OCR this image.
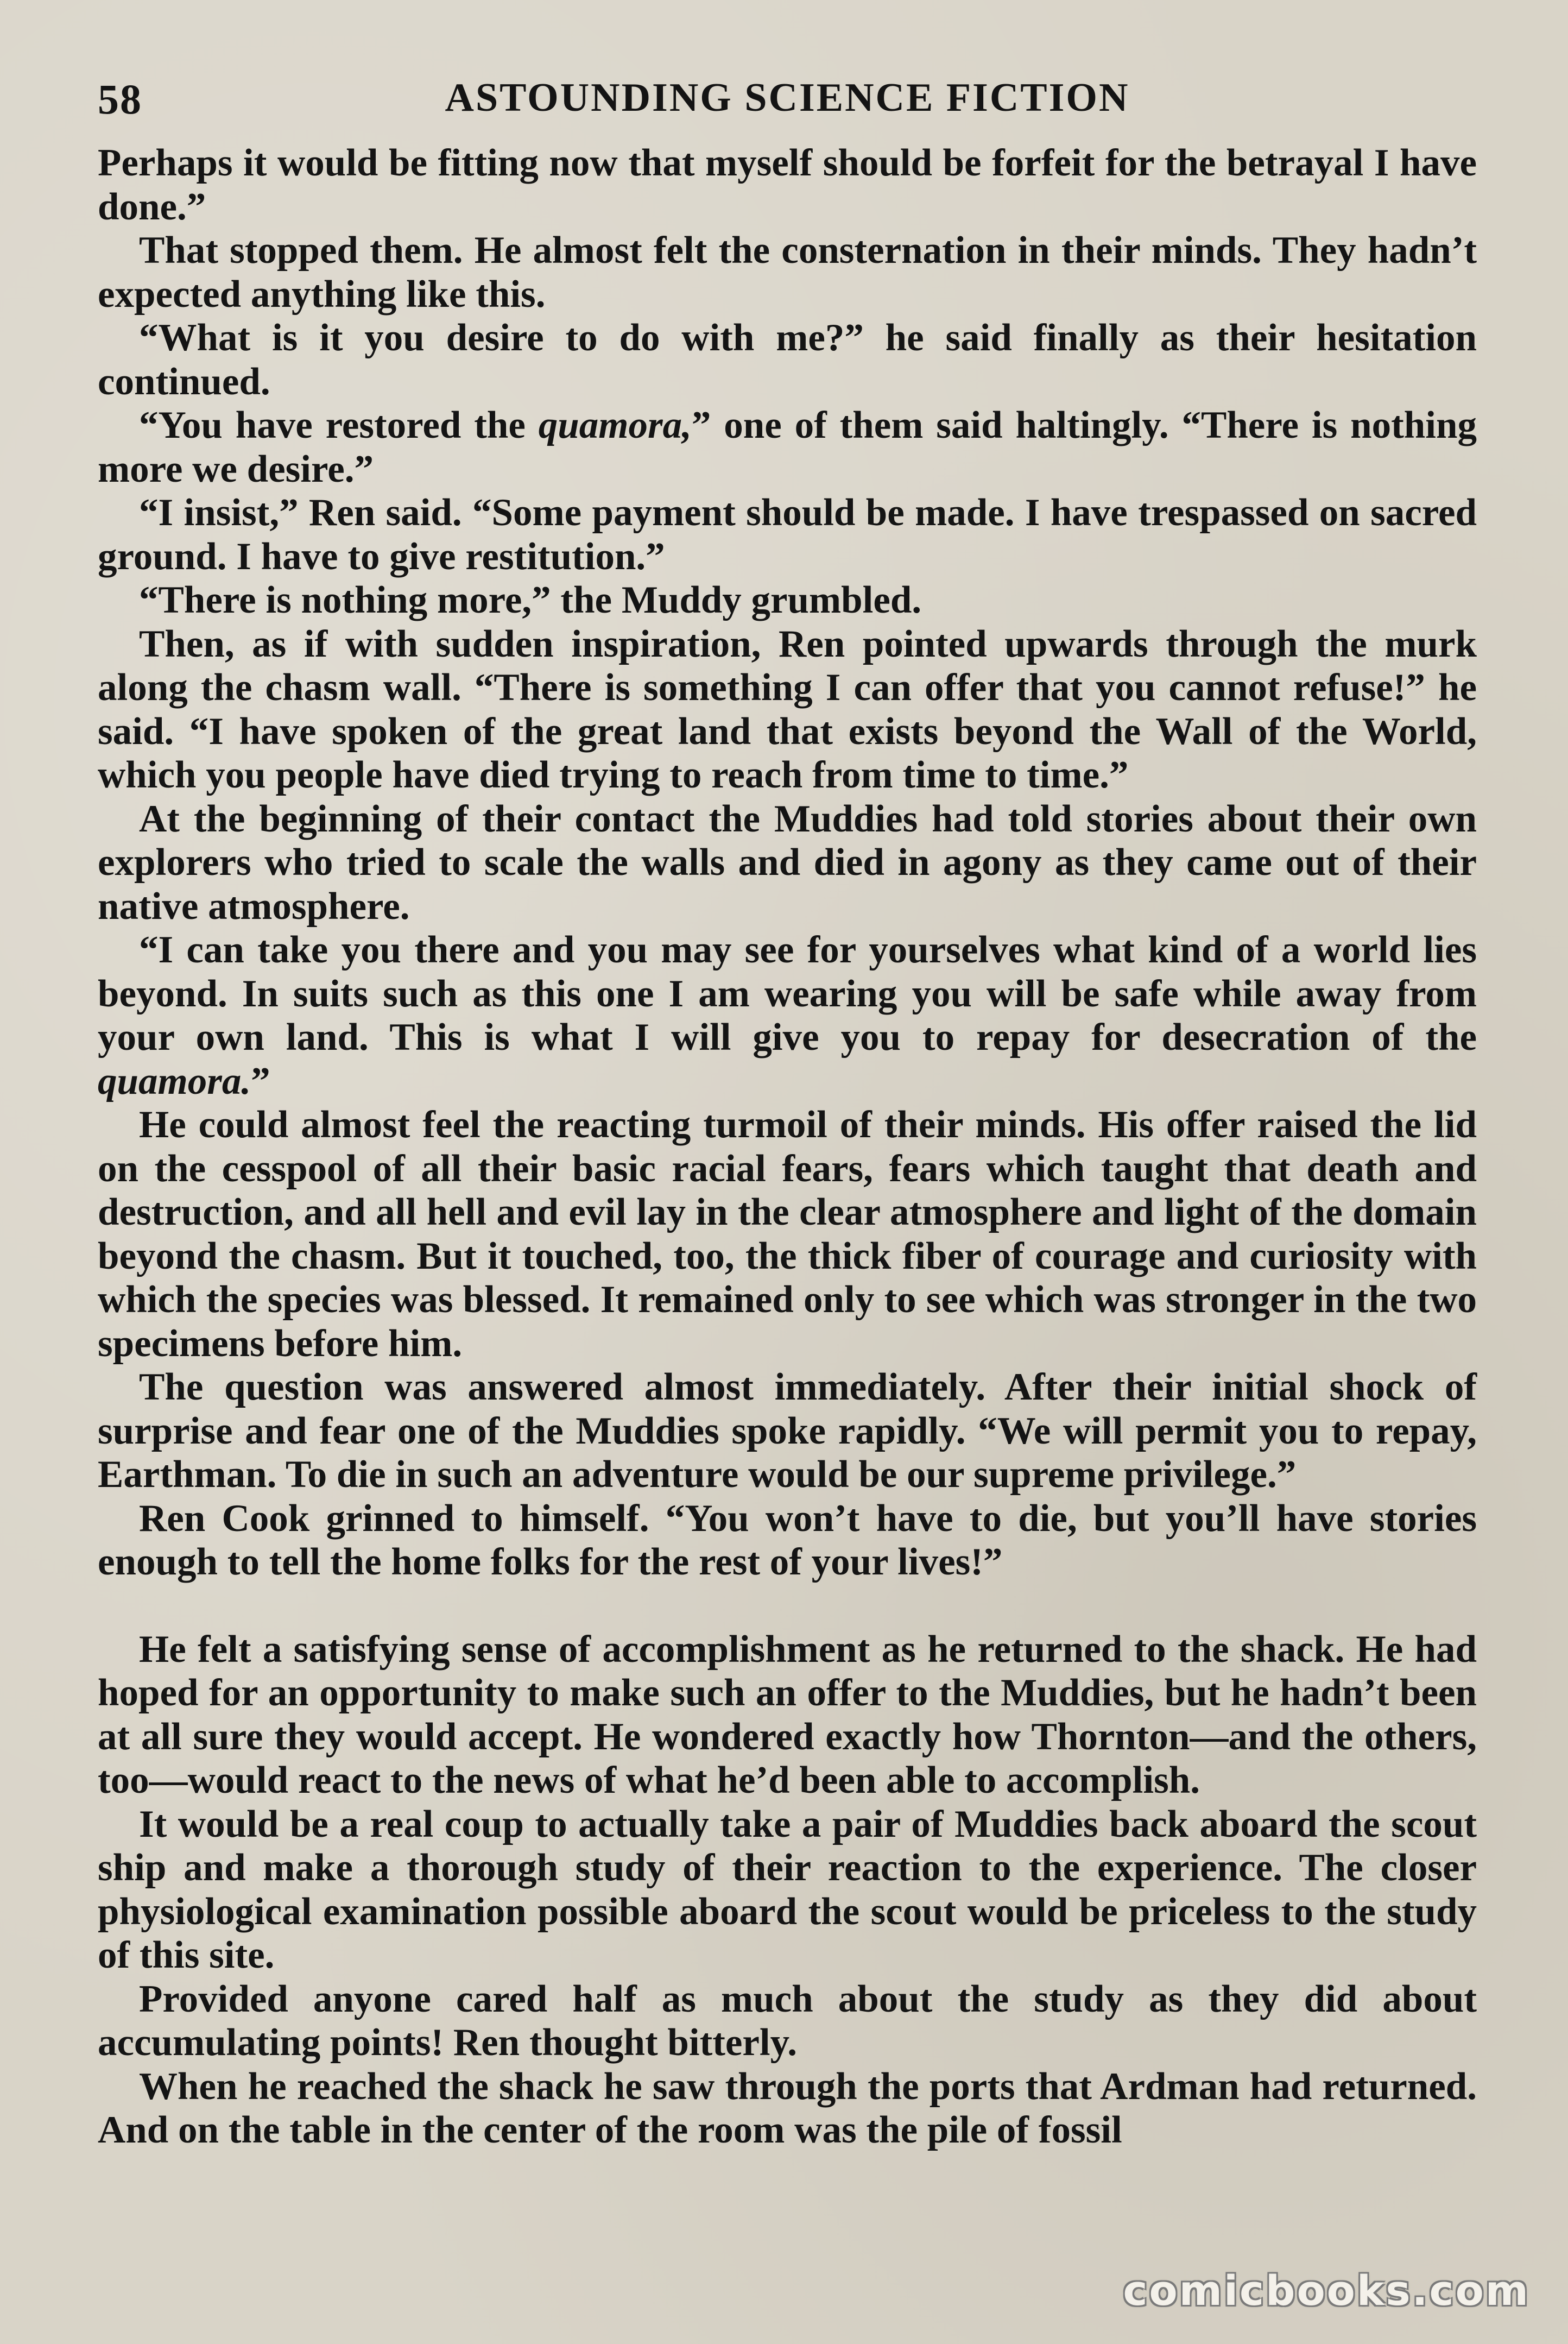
58	ASTOUNDING SCIENCE FICTION

Perhaps it would be fitting now that myself should be forfeit for the betrayal I have done.”

That stopped them. He almost felt the consternation in their minds. They hadn’t expected anything like this.

“What is it you desire to do with me?” he said finally as their hesitation continued.

“You have restored the quamora,” one of them said haltingly. “There is nothing more we desire.”

“I insist,” Ren said. “Some payment should be made. I have trespassed on sacred ground. I have to give restitution.”

“There is nothing more,” the Muddy grumbled.

Then, as if with sudden inspiration, Ren pointed upwards through the murk along the chasm wall. “There is something I can offer that you cannot refuse!” he said. “I have spoken of the great land that exists beyond the Wall of the World, which you people have died trying to reach from time to time.”

At the beginning of their contact the Muddies had told stories about their own explorers who tried to scale the walls and died in agony as they came out of their native atmosphere.

“I can take you there and you may see for yourselves what kind of a world lies beyond. In suits such as this one I am wearing you will be safe while away from your own land. This is what I will give you to repay for desecration of the quamora.”

He could almost feel the reacting turmoil of their minds. His offer raised the lid on the cesspool of all their basic racial fears, fears which taught that death and destruction, and all hell and evil lay in the clear atmosphere and light of the domain beyond the chasm. But it touched, too, the thick fiber of courage and curiosity with which the species was blessed. It remained only to see which was stronger in the two specimens before him.

The question was answered almost immediately. After their initial shock of surprise and fear one of the Muddies spoke rapidly. “We will permit you to repay, Earthman. To die in such an adventure would be our supreme privilege.”

Ren Cook grinned to himself. “You won’t have to die, but you’ll have stories enough to tell the home folks for the rest of your lives!”

He felt a satisfying sense of accomplishment as he returned to the shack. He had hoped for an opportunity to make such an offer to the Muddies, but he hadn’t been at all sure they would accept. He wondered exactly how Thornton—and the others, too—would react to the news of what he’d been able to accomplish.

It would be a real coup to actually take a pair of Muddies back aboard the scout ship and make a thorough study of their reaction to the experience. The closer physiological examination possible aboard the scout would be priceless to the study of this site.

Provided anyone cared half as much about the study as they did about accumulating points! Ren thought bitterly.

When he reached the shack he saw through the ports that Ardman had returned. And on the table in the center of the room was the pile of fossil

comicbooks.com
